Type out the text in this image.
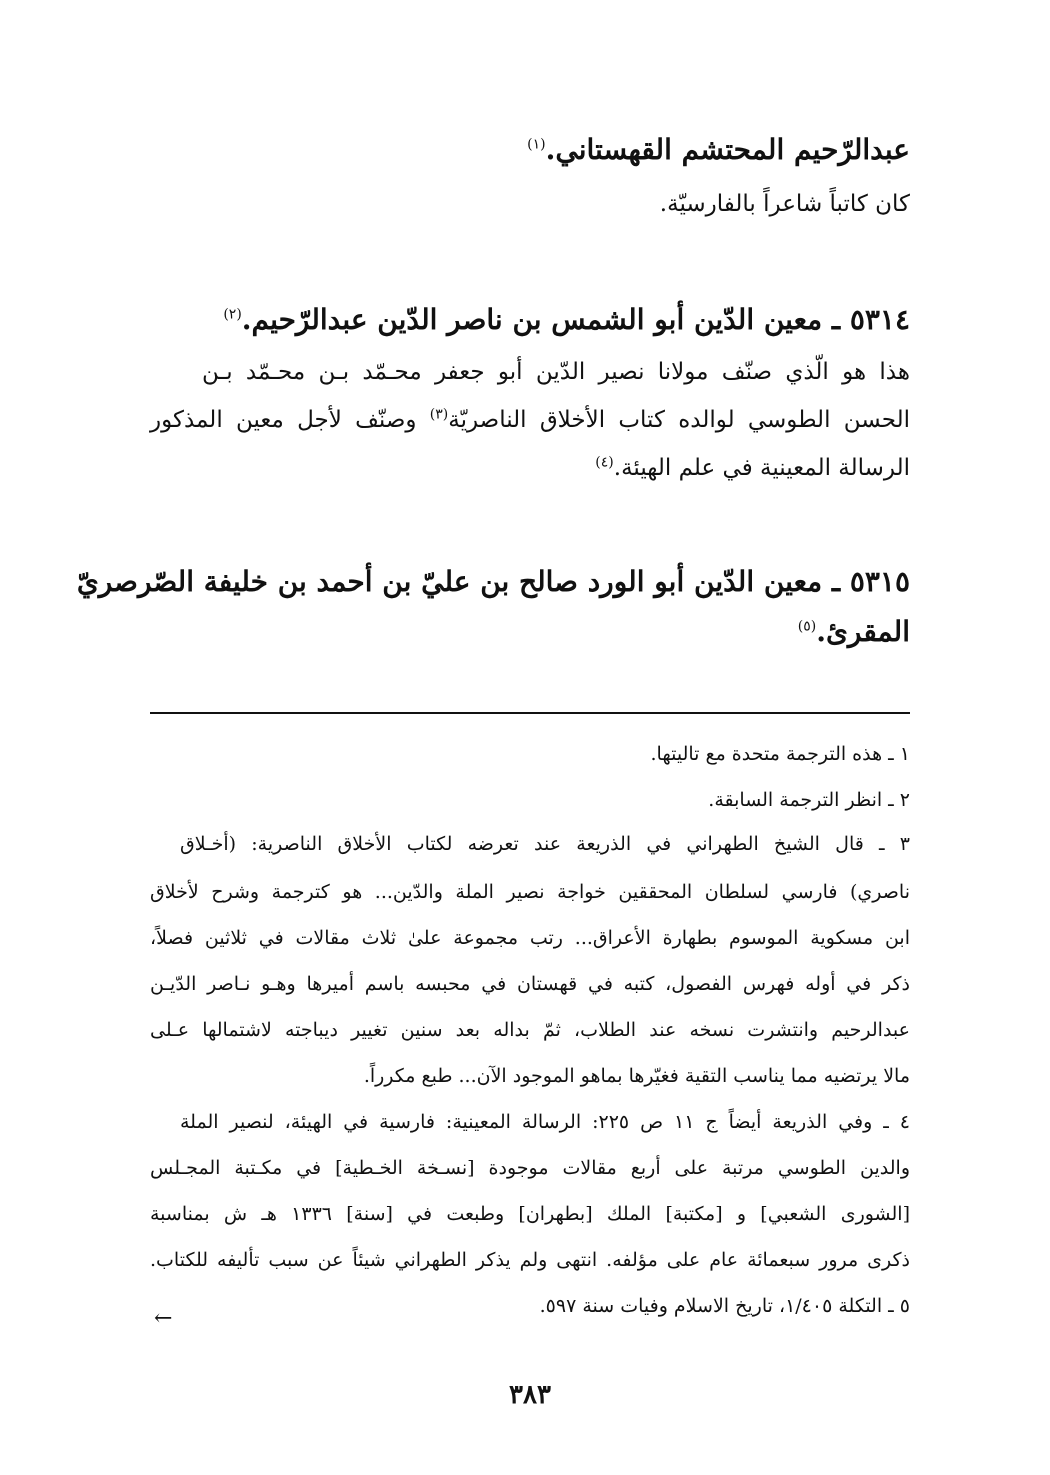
عبدالرّحيم المحتشم القهستاني.$^{(١)}$
كان كاتباً شاعراً بالفارسيّة.
٥٣١٤ ـ معين الدّين أبو الشمس بن ناصر الدّين عبدالرّحيم.$^{(٢)}$
هذا هو الّذي صنّف مولانا نصير الدّين أبو جعفر محـمّد بـن محـمّد بـن
الحسن الطوسي لوالده كتاب الأخلاق الناصريّة$^{(٣)}$ وصنّف لأجل معين المذكور
الرسالة المعينية في علم الهيئة.$^{(٤)}$
٥٣١٥ ـ معين الدّين أبو الورد صالح بن عليّ بن أحمد بن خليفة الصّرصريّ
المقرئ.$^{(٥)}$
١ ـ هذه الترجمة متحدة مع تاليتها.
٢ ـ انظر الترجمة السابقة.
٣ ـ قال الشيخ الطهراني في الذريعة عند تعرضه لكتاب الأخلاق الناصرية: (أخـلاق
ناصري) فارسي لسلطان المحققين خواجة نصير الملة والدّين... هو كترجمة وشرح لأخلاق
ابن مسكوية الموسوم بطهارة الأعراق... رتب مجموعة علىٰ ثلاث مقالات في ثلاثين فصلاً،
ذكر في أوله فهرس الفصول، كتبه في قهستان في محبسه باسم أميرها وهـو نـاصر الدّيـن
عبدالرحيم وانتشرت نسخه عند الطلاب، ثمّ بداله بعد سنين تغيير ديباجته لاشتمالها عـلى
مالا يرتضيه مما يناسب التقية فغيّرها بماهو الموجود الآن... طبع مكرراً.
٤ ـ وفي الذريعة أيضاً ج ١١ ص ٢٢٥: الرسالة المعينية: فارسية في الهيئة، لنصير الملة
والدين الطوسي مرتبة على أربع مقالات موجودة [نسـخة الخـطية] في مكـتبة المجـلس
[الشورى الشعبي] و [مكتبة] الملك [بطهران] وطبعت في [سنة] ١٣٣٦ هـ ش بمناسبة
ذكرى مرور سبعمائة عام على مؤلفه. انتهى ولم يذكر الطهراني شيئاً عن سبب تأليفه للكتاب.
٥ ـ التكلة ١/٤٠٥، تاريخ الاسلام وفيات سنة ٥٩٧.
←
٣٨٣
